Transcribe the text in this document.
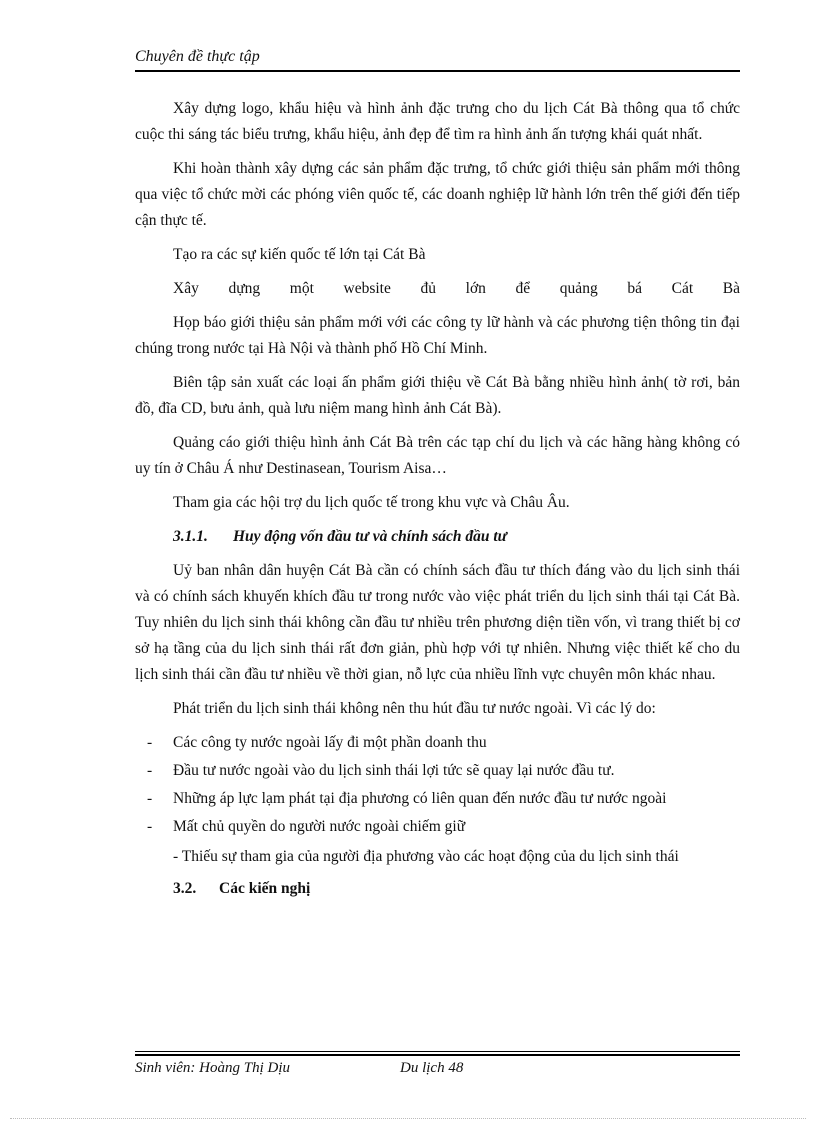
Chuyên đề thực tập

Xây dựng logo, khẩu hiệu và hình ảnh đặc trưng cho du lịch Cát Bà thông qua tổ chức cuộc thi sáng tác biểu trưng, khẩu hiệu, ảnh đẹp để tìm ra hình ảnh ấn tượng khái quát nhất.

Khi hoàn thành xây dựng các sản phẩm đặc trưng, tổ chức giới thiệu sản phẩm mới thông qua việc tổ chức mời các phóng viên quốc tế, các doanh nghiệp lữ hành lớn trên thế giới đến tiếp cận thực tế.

Tạo ra các sự kiến quốc tế lớn tại Cát Bà

Xây dựng một website đủ lớn để quảng bá Cát Bà

Họp báo giới thiệu sản phẩm mới với các công ty lữ hành và các phương tiện thông tin đại chúng trong nước tại Hà Nội và thành phố Hồ Chí Minh.

Biên tập sản xuất các loại ấn phẩm giới thiệu về Cát Bà bằng nhiều hình ảnh( tờ rơi, bản đồ, đĩa CD, bưu ảnh, quà lưu niệm mang hình ảnh Cát Bà).

Quảng cáo giới thiệu hình ảnh Cát Bà trên các tạp chí du lịch và các hãng hàng không có uy tín ở Châu Á như Destinasean, Tourism Aisa…

Tham gia các hội trợ du lịch quốc tế trong khu vực và Châu Âu.

3.1.1. Huy động vốn đầu tư và chính sách đầu tư

Uỷ ban nhân dân huyện Cát Bà cần có chính sách đầu tư thích đáng vào du lịch sinh thái và có chính sách khuyến khích đầu tư trong nước vào việc phát triển du lịch sinh thái tại Cát Bà. Tuy nhiên du lịch sinh thái không cần đầu tư nhiều trên phương diện tiền vốn, vì trang thiết bị cơ sở hạ tầng của du lịch sinh thái rất đơn giản, phù hợp với tự nhiên. Nhưng việc thiết kế cho du lịch sinh thái cần đầu tư nhiều về thời gian, nỗ lực của nhiều lĩnh vực chuyên môn khác nhau.

Phát triển du lịch sinh thái không nên thu hút đầu tư nước ngoài. Vì các lý do:

- Các công ty nước ngoài lấy đi một phần doanh thu
- Đầu tư nước ngoài vào du lịch sinh thái lợi tức sẽ quay lại nước đầu tư.
- Những áp lực lạm phát tại địa phương có liên quan đến nước đầu tư nước ngoài
- Mất chủ quyền do người nước ngoài chiếm giữ

- Thiếu sự tham gia của người địa phương vào các hoạt động của du lịch sinh thái

3.2. Các kiến nghị
Sinh viên: Hoàng Thị Dịu	Du lịch 48
